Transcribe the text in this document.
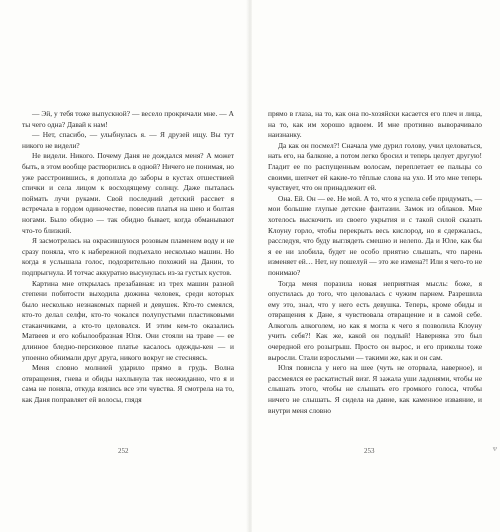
— Эй, у тебя тоже выпускной? — весело прокричали мне. — А ты чего одна? Давай к нам!

— Нет, спасибо, — улыбнулась я. — Я друзей ищу. Вы тут никого не видели?

Не видели. Никого. Почему Даня не дождался меня? А может быть, в этом вообще растворились в одной? Ничего не понимая, но уже расстроившись, я доползла до заборы в кустах отшествией спички и села лицом к восходящему солнцу. Даже пыталась поймать лучи руками. Свой последний детский рассвет я встречала в гордом одиночестве, повесив платья на шею и болтая ногами. Было обидно — так обидно бывает, когда обманывают что-то близкий.

Я засмотрелась на окрасившуюся розовым пламенем воду и не сразу поняла, что к набережной подъехало несколько машин. Но когда я услышала голос, подозрительно похожий на Данин, то подпрыгнула. И тотчас аккуратно высунулась из-за густых кустов.

Картина мне открылась презабавная: из трех машин разной степени побитости выходила дюжина человек, среди которых было несколько незнакомых парней и девушек. Кто-то смеялся, кто-то делал селфи, кто-то чокался полупустыми пластиковыми стаканчиками, а кто-то целовался. И этим кем-то оказались Матвеев и его кобылообразная Юля. Они стояли на траве — ее длинное бледно-персиковое платье касалось одежды-кен — и упоенно обнимали друг друга, никого вокруг не стесняясь.

Меня словно молнией ударило прямо в грудь. Волна отвращения, гнева и обиды нахлынула так неожиданно, что я и сама не поняла, откуда взялись все эти чувства. Я смотрела на то, как Даня поправляет ей волосы, глядя

252

прямо в глаза, на то, как она по-хозяйски касается его плеч и лица, на то, как им хорошо вдвоем. И мне противно выворачивало наизнанку.

Да как он посмел?! Сначала уме дурил голову, учил целоваться, нать его, на балконе, а потом легко бросил и теперь целует другую! Гладит ее по распущенным волосам, переплетает ее пальцы со своими, шепчет ей какие-то тёплые слова на ухо. И это мне теперь чувствует, что он принадлежит ей.

Она. Ей. Он — ее. Не мой. А то, что я успела себе придумать, — мои большие глупые детские фантазии. Замок из облаков. Мне хотелось выскочить из своего укрытия и с такой силой сказать Клоуну горло, чтобы перекрыть весь кислород, но я сдержалась, расследуя, что буду выглядеть смешно и нелепо. Да и Юле, как бы я ее ни злобила, будет не особо приятно слышать, что парень изменяет ей… Нет, ну пошелуй — это же измена?! Или я чего-то не понимаю?

Тогда меня поразила новая неприятная мысль: боже, я опустилась до того, что целовалась с чужим парнем. Разрешила ему это, знал, что у него есть девушка. Теперь, кроме обиды и отвращения к Дане, я чувствовала отвращение и в самой себе. Алкоголь алкоголем, но как я могла к чего я позволила Клоуну учить себя?! Как же, какой он подлый! Наверняка это был очередной его розыгрыш. Просто он вырос, и его приколы тоже выросли. Стали взрослыми — такими же, как и он сам.

Юля повисла у него на шее (чуть не оторвала, наверное), и рассмеялся ее раскатистый визг. Я зажала уши ладонями, чтобы не слышать этого, чтобы не слышать его громкого голоса, чтобы ничего не слышать. Я сидела на давие, как каменное изваяние, и внутри меня словно

253	Ψ
